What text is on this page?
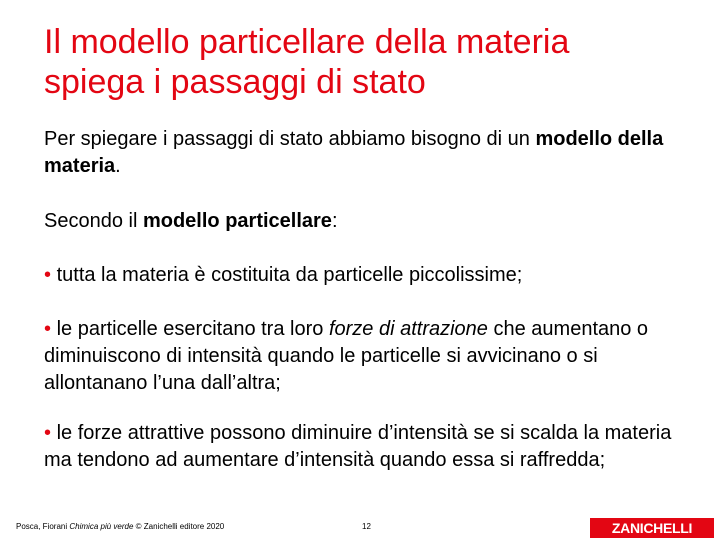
Il modello particellare della materia
spiega i passaggi di stato
Per spiegare i passaggi di stato abbiamo bisogno di un modello della materia.
Secondo il modello particellare:
• tutta la materia è costituita da particelle piccolissime;
• le particelle esercitano tra loro forze di attrazione che aumentano o diminuiscono di intensità quando le particelle si avvicinano o si allontanano l’una dall’altra;
• le forze attrattive possono diminuire d’intensità se si scalda la materia ma tendono ad aumentare d’intensità quando essa si raffredda;
Posca, Fiorani Chimica più verde © Zanichelli editore 2020	12	ZANICHELLI
